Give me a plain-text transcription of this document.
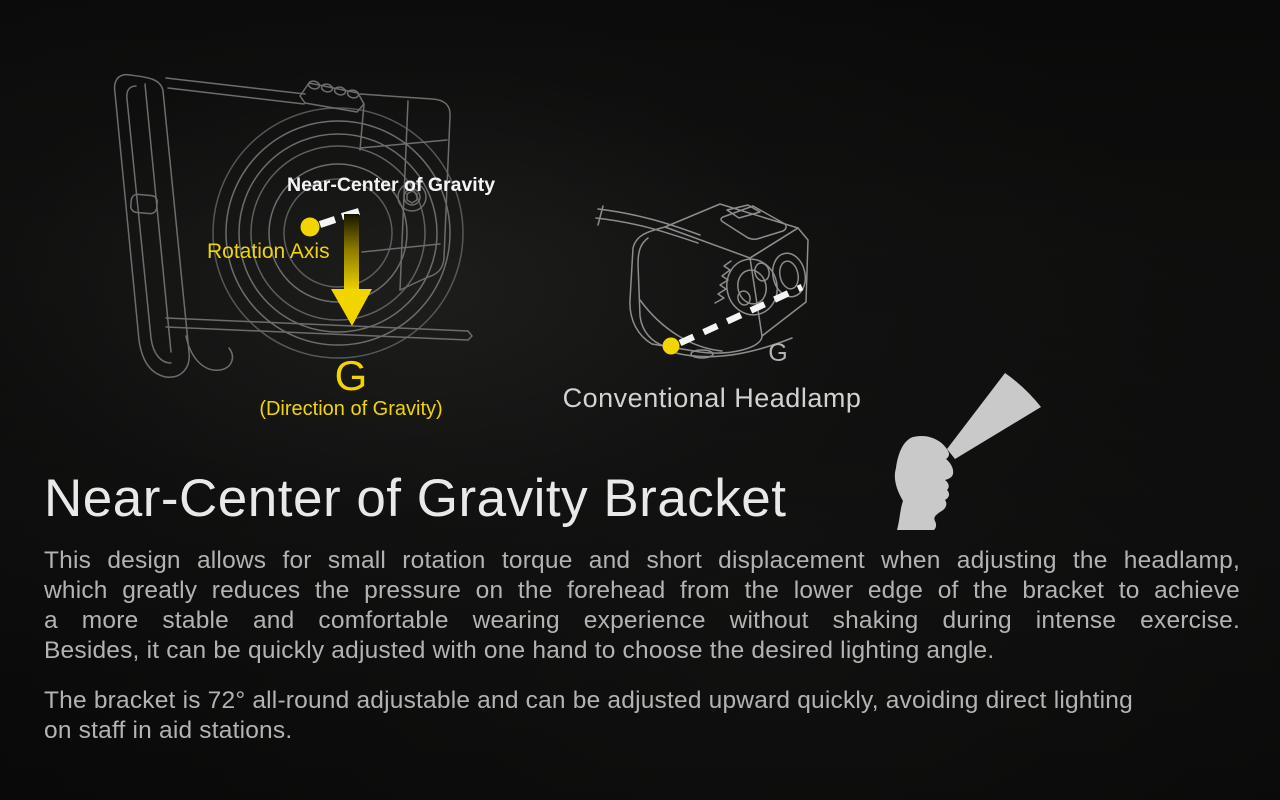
Near-Center of Gravity
Rotation Axis
G
(Direction of Gravity)
G
Conventional Headlamp
Near-Center of Gravity Bracket
This design allows for small rotation torque and short displacement when adjusting the headlamp,
which greatly reduces the pressure on the forehead from the lower edge of the bracket to achieve
a more stable and comfortable wearing experience without shaking during intense exercise.
Besides, it can be quickly adjusted with one hand to choose the desired lighting angle.
The bracket is 72° all-round adjustable and can be adjusted upward quickly, avoiding direct lighting
on staff in aid stations.
